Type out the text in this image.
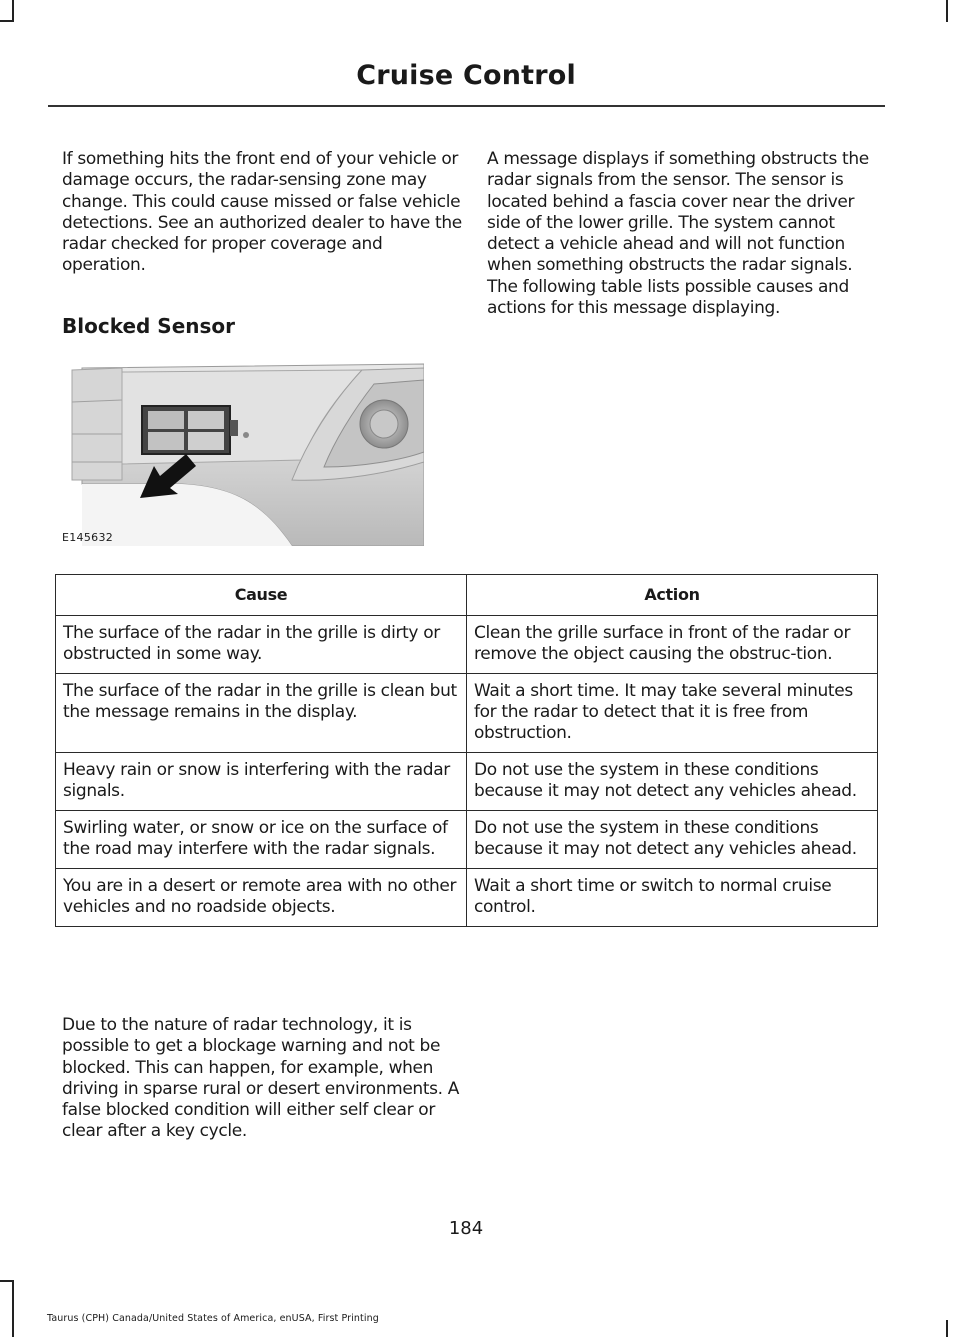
Cruise Control

If something hits the front end of your vehicle or damage occurs, the radar-sensing zone may change. This could cause missed or false vehicle detections. See an authorized dealer to have the radar checked for proper coverage and operation.

Blocked Sensor

A message displays if something obstructs the radar signals from the sensor. The sensor is located behind a fascia cover near the driver side of the lower grille. The system cannot detect a vehicle ahead and will not function when something obstructs the radar signals. The following table lists possible causes and actions for this message displaying.

E145632
Cause	Action
The surface of the radar in the grille is dirty or obstructed in some way.	Clean the grille surface in front of the radar or remove the object causing the obstruc-tion.
The surface of the radar in the grille is clean but the message remains in the display.	Wait a short time. It may take several minutes for the radar to detect that it is free from obstruction.
Heavy rain or snow is interfering with the radar signals.	Do not use the system in these conditions because it may not detect any vehicles ahead.
Swirling water, or snow or ice on the surface of the road may interfere with the radar signals.	Do not use the system in these conditions because it may not detect any vehicles ahead.
You are in a desert or remote area with no other vehicles and no roadside objects.	Wait a short time or switch to normal cruise control.

Due to the nature of radar technology, it is possible to get a blockage warning and not be blocked. This can happen, for example, when driving in sparse rural or desert environments. A false blocked condition will either self clear or clear after a key cycle.

184
Taurus (CPH) Canada/United States of America, enUSA, First Printing
